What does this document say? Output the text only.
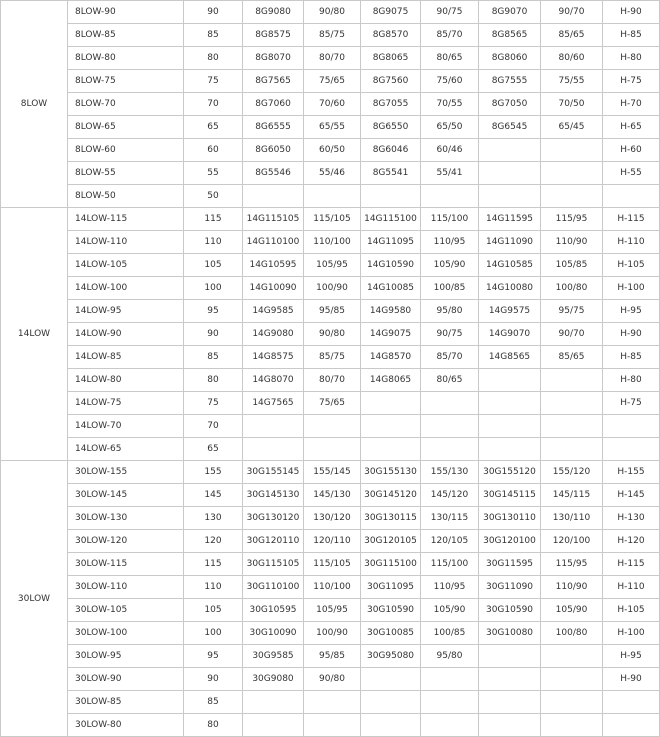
8LOW	8LOW-90	90	8G9080	90/80	8G9075	90/75	8G9070	90/70	H-90
	8LOW-85	85	8G8575	85/75	8G8570	85/70	8G8565	85/65	H-85
	8LOW-80	80	8G8070	80/70	8G8065	80/65	8G8060	80/60	H-80
	8LOW-75	75	8G7565	75/65	8G7560	75/60	8G7555	75/55	H-75
	8LOW-70	70	8G7060	70/60	8G7055	70/55	8G7050	70/50	H-70
	8LOW-65	65	8G6555	65/55	8G6550	65/50	8G6545	65/45	H-65
	8LOW-60	60	8G6050	60/50	8G6046	60/46			H-60
	8LOW-55	55	8G5546	55/46	8G5541	55/41			H-55
	8LOW-50	50							
14LOW	14LOW-115	115	14G115105	115/105	14G115100	115/100	14G11595	115/95	H-115
	14LOW-110	110	14G110100	110/100	14G11095	110/95	14G11090	110/90	H-110
	14LOW-105	105	14G10595	105/95	14G10590	105/90	14G10585	105/85	H-105
	14LOW-100	100	14G10090	100/90	14G10085	100/85	14G10080	100/80	H-100
	14LOW-95	95	14G9585	95/85	14G9580	95/80	14G9575	95/75	H-95
	14LOW-90	90	14G9080	90/80	14G9075	90/75	14G9070	90/70	H-90
	14LOW-85	85	14G8575	85/75	14G8570	85/70	14G8565	85/65	H-85
	14LOW-80	80	14G8070	80/70	14G8065	80/65			H-80
	14LOW-75	75	14G7565	75/65					H-75
	14LOW-70	70							
	14LOW-65	65							
30LOW	30LOW-155	155	30G155145	155/145	30G155130	155/130	30G155120	155/120	H-155
	30LOW-145	145	30G145130	145/130	30G145120	145/120	30G145115	145/115	H-145
	30LOW-130	130	30G130120	130/120	30G130115	130/115	30G130110	130/110	H-130
	30LOW-120	120	30G120110	120/110	30G120105	120/105	30G120100	120/100	H-120
	30LOW-115	115	30G115105	115/105	30G115100	115/100	30G11595	115/95	H-115
	30LOW-110	110	30G110100	110/100	30G11095	110/95	30G11090	110/90	H-110
	30LOW-105	105	30G10595	105/95	30G10590	105/90	30G10590	105/90	H-105
	30LOW-100	100	30G10090	100/90	30G10085	100/85	30G10080	100/80	H-100
	30LOW-95	95	30G9585	95/85	30G95080	95/80			H-95
	30LOW-90	90	30G9080	90/80					H-90
	30LOW-85	85							
	30LOW-80	80							
